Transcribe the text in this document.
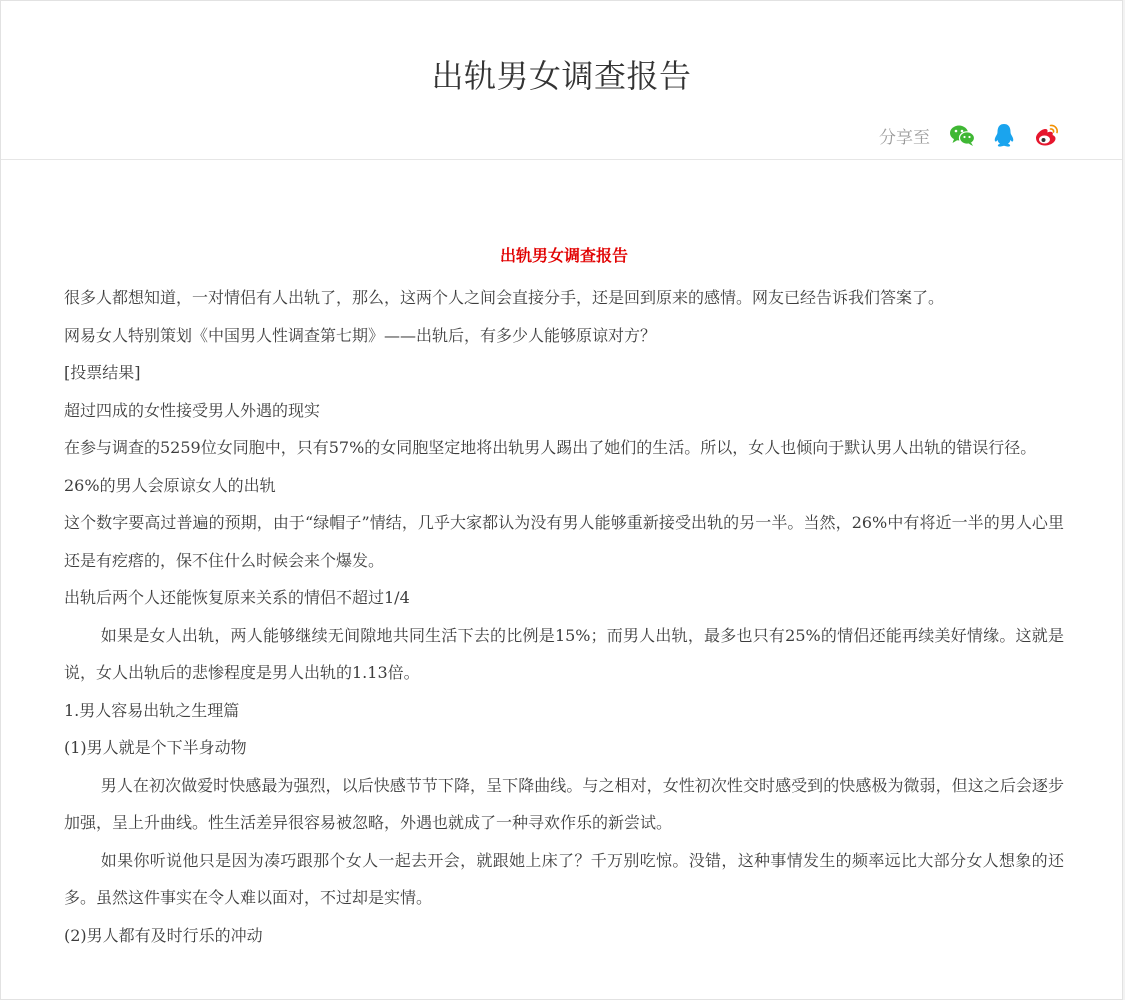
出轨男女调查报告
分享至
出轨男女调查报告

很多人都想知道，一对情侣有人出轨了，那么，这两个人之间会直接分手，还是回到原来的感情。网友已经告诉我们答案了。

网易女人特别策划《中国男人性调查第七期》——出轨后，有多少人能够原谅对方？

[投票结果]

超过四成的女性接受男人外遇的现实

在参与调查的5259位女同胞中，只有57%的女同胞坚定地将出轨男人踢出了她们的生活。所以，女人也倾向于默认男人出轨的错误行径。

26%的男人会原谅女人的出轨

这个数字要高过普遍的预期，由于“绿帽子”情结，几乎大家都认为没有男人能够重新接受出轨的另一半。当然，26%中有将近一半的男人心里还是有疙瘩的，保不住什么时候会来个爆发。

出轨后两个人还能恢复原来关系的情侣不超过1/4

如果是女人出轨，两人能够继续无间隙地共同生活下去的比例是15%；而男人出轨，最多也只有25%的情侣还能再续美好情缘。这就是说，女人出轨后的悲惨程度是男人出轨的1.13倍。

1.男人容易出轨之生理篇

(1)男人就是个下半身动物

男人在初次做爱时快感最为强烈，以后快感节节下降，呈下降曲线。与之相对，女性初次性交时感受到的快感极为微弱，但这之后会逐步加强，呈上升曲线。性生活差异很容易被忽略，外遇也就成了一种寻欢作乐的新尝试。

如果你听说他只是因为凑巧跟那个女人一起去开会，就跟她上床了？千万别吃惊。没错，这种事情发生的频率远比大部分女人想象的还多。虽然这件事实在令人难以面对，不过却是实情。

(2)男人都有及时行乐的冲动
